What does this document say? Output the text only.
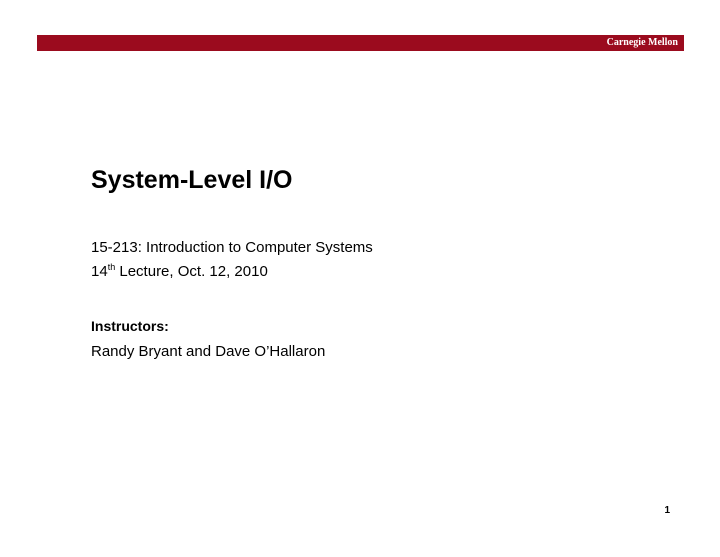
Carnegie Mellon
System-Level I/O
15-213: Introduction to Computer Systems
14th Lecture, Oct. 12, 2010
Instructors:
Randy Bryant and Dave O’Hallaron
1
